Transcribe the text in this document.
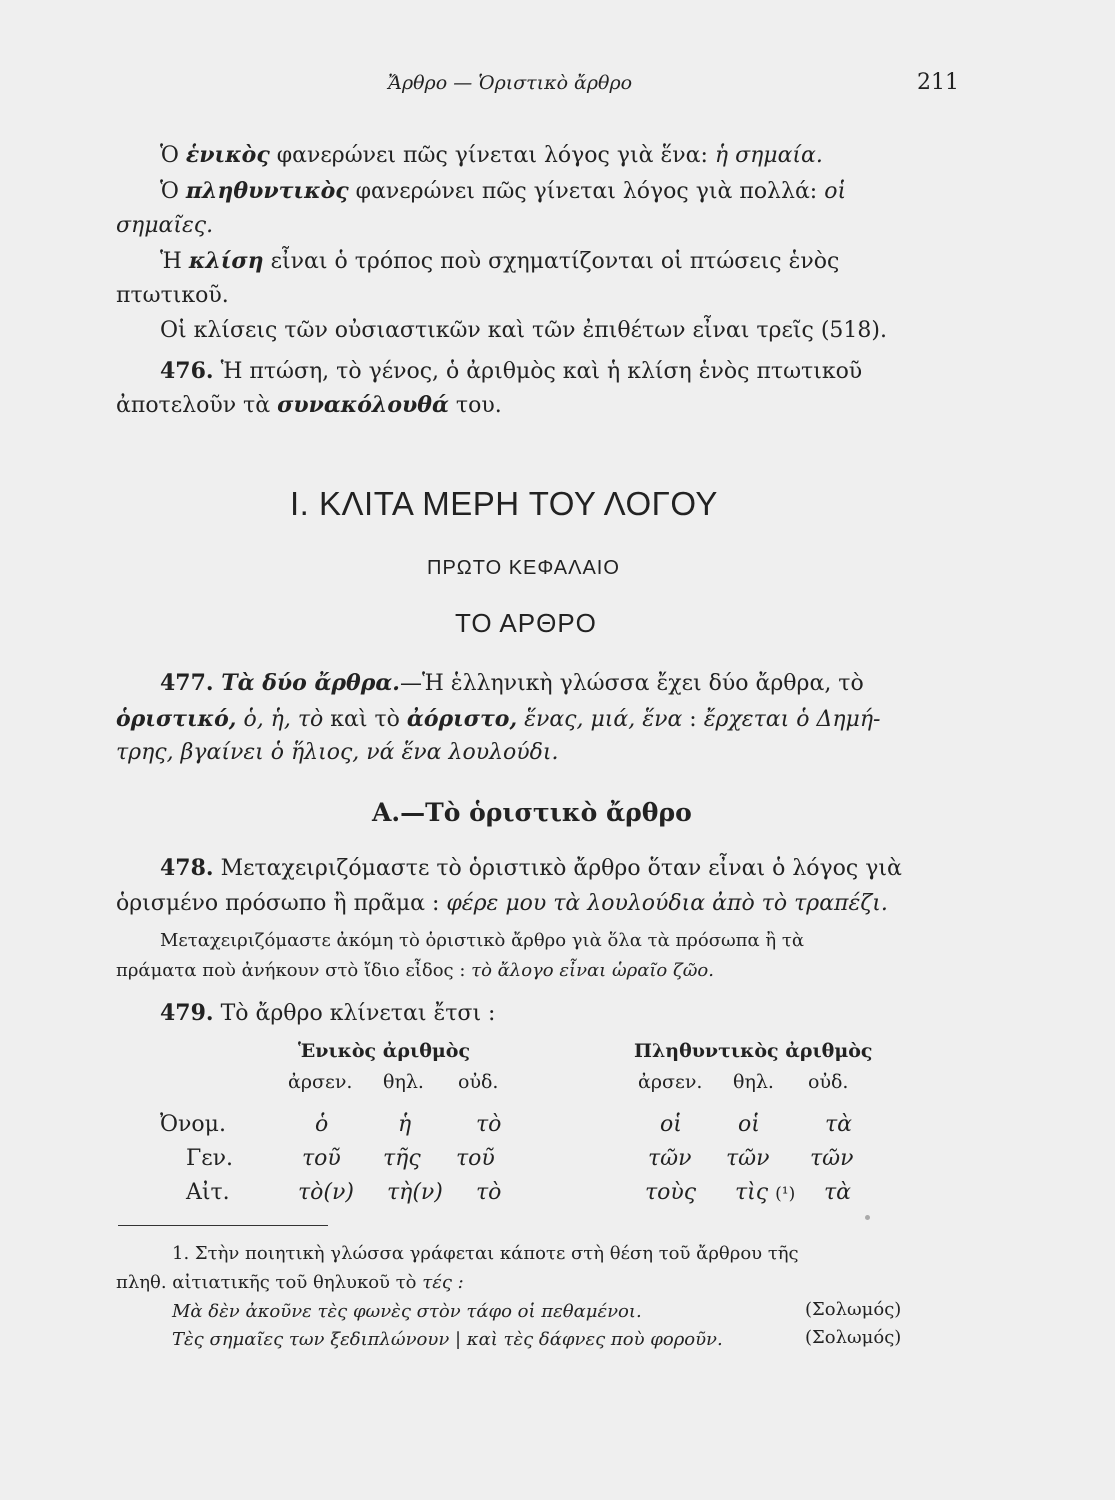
Ἄρθρο — Ὁριστικὸ ἄρθρο	211
Ὁ ἑνικὸς φανερώνει πῶς γίνεται λόγος γιὰ ἕνα: ἡ σημαία.
Ὁ πληθυντικὸς φανερώνει πῶς γίνεται λόγος γιὰ πολλά: οἱ
σημαῖες.
Ἡ κλίση εἶναι ὁ τρόπος ποὺ σχηματίζονται οἱ πτώσεις ἑνὸς
πτωτικοῦ.
Οἱ κλίσεις τῶν οὐσιαστικῶν καὶ τῶν ἐπιθέτων εἶναι τρεῖς (518).
476. Ἡ πτώση, τὸ γένος, ὁ ἀριθμὸς καὶ ἡ κλίση ἑνὸς πτωτικοῦ
ἀποτελοῦν τὰ συνακόλουθά του.
I. ΚΛΙΤΑ ΜΕΡΗ ΤΟΥ ΛΟΓΟΥ
ΠΡΩΤΟ ΚΕΦΑΛΑΙΟ
ΤΟ ΑΡΘΡΟ
477. Τὰ δύο ἄρθρα.—Ἡ ἑλληνικὴ γλώσσα ἔχει δύο ἄρθρα, τὸ
ὁριστικό, ὁ, ἡ, τὸ καὶ τὸ ἀόριστο, ἕνας, μιά, ἕνα : ἔρχεται ὁ Δημή-
τρης, βγαίνει ὁ ἥλιος, νά ἕνα λουλούδι.
Α.—Τὸ ὁριστικὸ ἄρθρο
478. Μεταχειριζόμαστε τὸ ὁριστικὸ ἄρθρο ὅταν εἶναι ὁ λόγος γιὰ
ὁρισμένο πρόσωπο ἢ πρᾶμα : φέρε μου τὰ λουλούδια ἀπὸ τὸ τραπέζι.
Μεταχειριζόμαστε ἀκόμη τὸ ὁριστικὸ ἄρθρο γιὰ ὅλα τὰ πρόσωπα ἢ τὰ
πράματα ποὺ ἀνήκουν στὸ ἴδιο εἶδος : τὸ ἄλογο εἶναι ὡραῖο ζῶο.
479. Τὸ ἄρθρο κλίνεται ἔτσι :
Ἑνικὸς ἀριθμὸς	Πληθυντικὸς ἀριθμὸς
ἀρσεν. θηλ. οὐδ.	ἀρσεν. θηλ. οὐδ.
Ὀνομ.	ὁ	ἡ	τὸ	οἱ	οἱ	τὰ
Γεν.	τοῦ τῆς τοῦ	τῶν τῶν τῶν
Αἰτ.	τὸ(ν) τὴ(ν) τὸ	τοὺς τὶς (¹) τὰ
1. Στὴν ποιητικὴ γλώσσα γράφεται κάποτε στὴ θέση τοῦ ἄρθρου τῆς
πληθ. αἰτιατικῆς τοῦ θηλυκοῦ τὸ τές :
Μὰ δὲν ἀκοῦνε τὲς φωνὲς στὸν τάφο οἱ πεθαμένοι.	(Σολωμός)
Τὲς σημαῖες των ξεδιπλώνουν | καὶ τὲς δάφνες ποὺ φοροῦν.	(Σολωμός)
